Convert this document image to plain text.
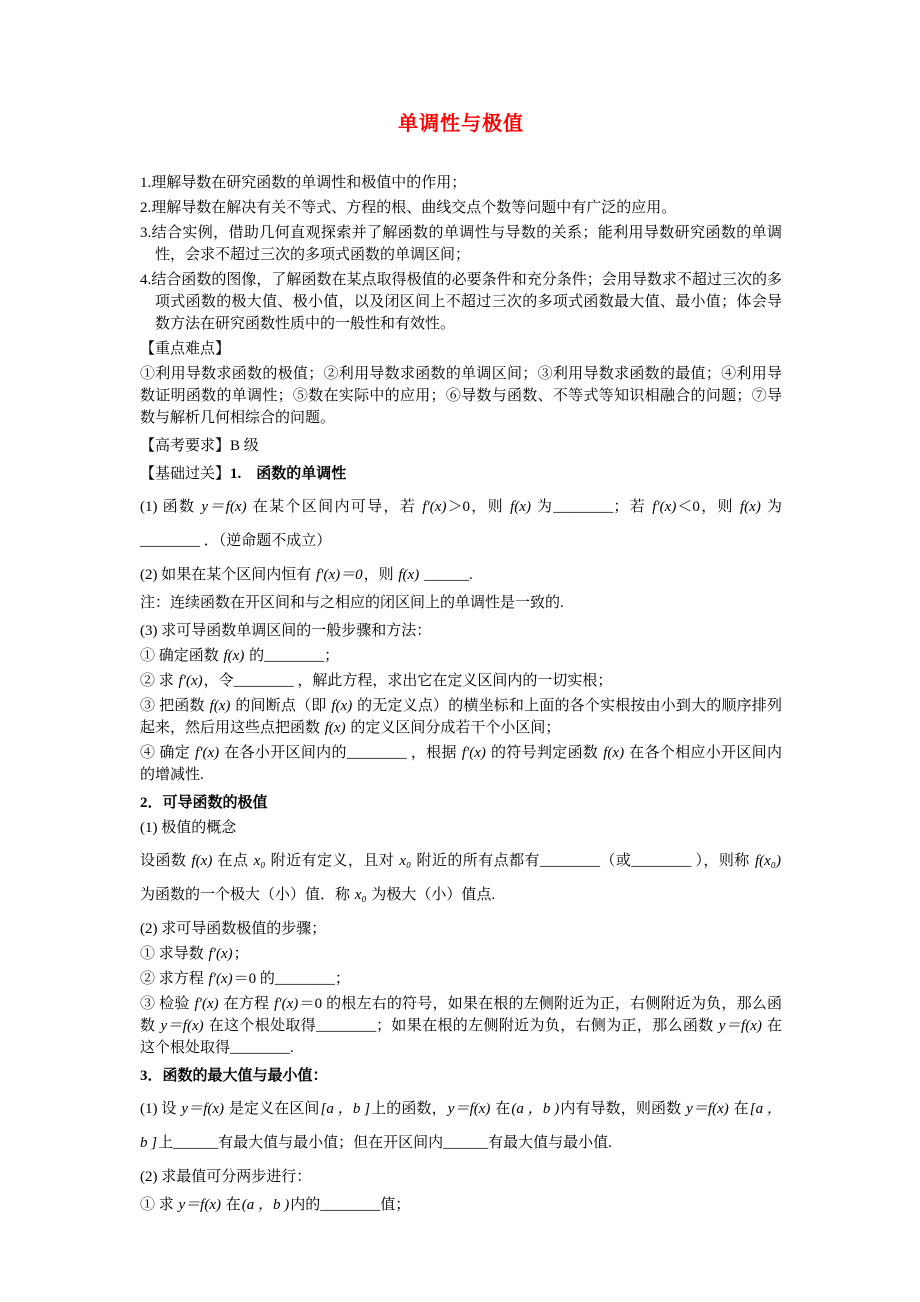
单调性与极值

1.理解导数在研究函数的单调性和极值中的作用；

2.理解导数在解决有关不等式、方程的根、曲线交点个数等问题中有广泛的应用。

3.结合实例，借助几何直观探索并了解函数的单调性与导数的关系；能利用导数研究函数的单调性，会求不超过三次的多项式函数的单调区间；

4.结合函数的图像，了解函数在某点取得极值的必要条件和充分条件；会用导数求不超过三次的多项式函数的极大值、极小值，以及闭区间上不超过三次的多项式函数最大值、最小值；体会导数方法在研究函数性质中的一般性和有效性。

【重点难点】

①利用导数求函数的极值；②利用导数求函数的单调区间；③利用导数求函数的最值；④利用导数证明函数的单调性；⑤数在实际中的应用；⑥导数与函数、不等式等知识相融合的问题；⑦导数与解析几何相综合的问题。

【高考要求】B 级

【基础过关】1.　函数的单调性

(1) 函数 y＝f(x) 在某个区间内可导，若 f′(x)＞0，则 f(x) 为________；若 f′(x)＜0，则 f(x) 为________ ．（逆命题不成立）

(2) 如果在某个区间内恒有 f′(x)＝0，则 f(x) ______.

注：连续函数在开区间和与之相应的闭区间上的单调性是一致的.

(3) 求可导函数单调区间的一般步骤和方法：

① 确定函数 f(x) 的________；

② 求 f′(x)，令________ ，解此方程，求出它在定义区间内的一切实根；

③ 把函数 f(x) 的间断点（即 f(x) 的无定义点）的横坐标和上面的各个实根按由小到大的顺序排列起来，然后用这些点把函数 f(x) 的定义区间分成若干个小区间；

④ 确定 f′(x) 在各小开区间内的________ ，根据 f′(x) 的符号判定函数 f(x) 在各个相应小开区间内的增减性.

2．可导函数的极值

(1) 极值的概念

设函数 f(x) 在点 x₀ 附近有定义，且对 x₀ 附近的所有点都有________（或________ ），则称 f(x₀) 为函数的一个极大（小）值．称 x₀ 为极大（小）值点.

(2) 求可导函数极值的步骤；

① 求导数 f′(x)；

② 求方程 f′(x)＝0 的________；

③ 检验 f′(x) 在方程 f′(x)＝0 的根左右的符号，如果在根的左侧附近为正，右侧附近为负，那么函数 y＝f(x) 在这个根处取得________；如果在根的左侧附近为负，右侧为正，那么函数 y＝f(x) 在这个根处取得________.

3．函数的最大值与最小值：

(1) 设 y＝f(x) 是定义在区间[a ，b ]上的函数，y＝f(x) 在(a ，b )内有导数，则函数 y＝f(x) 在[a ，b ]上______有最大值与最小值；但在开区间内______有最大值与最小值.

(2) 求最值可分两步进行：

① 求 y＝f(x) 在(a ，b )内的________值；
